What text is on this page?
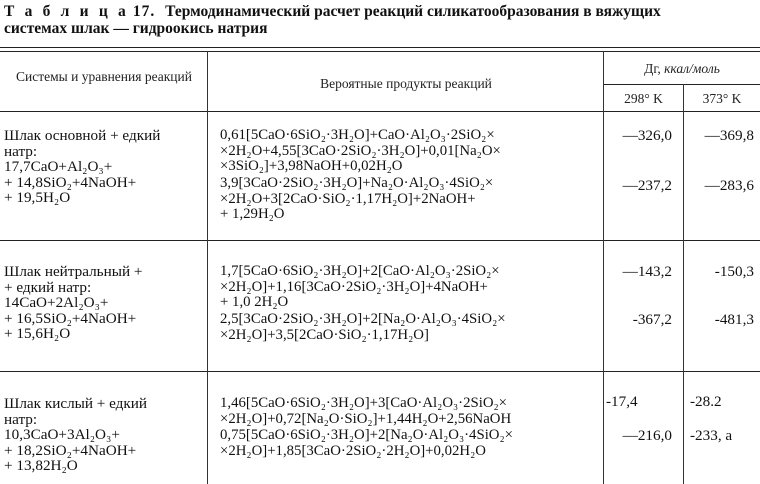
Т а б л и ц а 17. Термодинамический расчет реакций силикатообразования в вяжущих
системах шлак — гидроокись натрия
Системы и уравнения реакций	Вероятные продукты реакций
Дг, ккал/моль
298° K	373° K
Шлак основной + едкий
натр:
17,7CaO+Al₂O₃+
+ 14,8SiO₂+4NaOH+
+ 19,5H₂O
0,61[5CaO·6SiO₂·3H₂O]+CaO·Al₂O₃·2SiO₂×
×2H₂O+4,55[3CaO·2SiO₂·3H₂O]+0,01[Na₂O×
×3SiO₂]+3,98NaOH+0,02H₂O
—326,0	—369,8
3,9[3CaO·2SiO₂·3H₂O]+Na₂O·Al₂O₃·4SiO₂×
×2H₂O+3[2CaO·SiO₂·1,17H₂O]+2NaOH+
+ 1,29H₂O
—237,2	—283,6
Шлак нейтральный +
+ едкий натр:
14CaO+2Al₂O₃+
+ 16,5SiO₂+4NaOH+
+ 15,6H₂O
1,7[5CaO·6SiO₂·3H₂O]+2[CaO·Al₂O₃·2SiO₂×
×2H₂O]+1,16[3CaO·2SiO₂·3H₂O]+4NaOH+
+ 1,0 2H₂O
—143,2	-150,3
2,5[3CaO·2SiO₂·3H₂O]+2[Na₂O·Al₂O₃·4SiO₂×
×2H₂O]+3,5[2CaO·SiO₂·1,17H₂O]
-367,2	-481,3
Шлак кислый + едкий
натр:
10,3CaO+3Al₂O₃+
+ 18,2SiO₂+4NaOH+
+ 13,82H₂O
1,46[5CaO·6SiO₂·3H₂O]+3[CaO·Al₂O₃·2SiO₂×
×2H₂O]+0,72[Na₂O·SiO₂]+1,44H₂O+2,56NaOH
-17,4	-28.2
0,75[5CaO·6SiO₂·3H₂O]+2[Na₂O·Al₂O₃·4SiO₂×
×2H₂O]+1,85[3CaO·2SiO₂·2H₂O]+0,02H₂O
—216,0 -233, а
